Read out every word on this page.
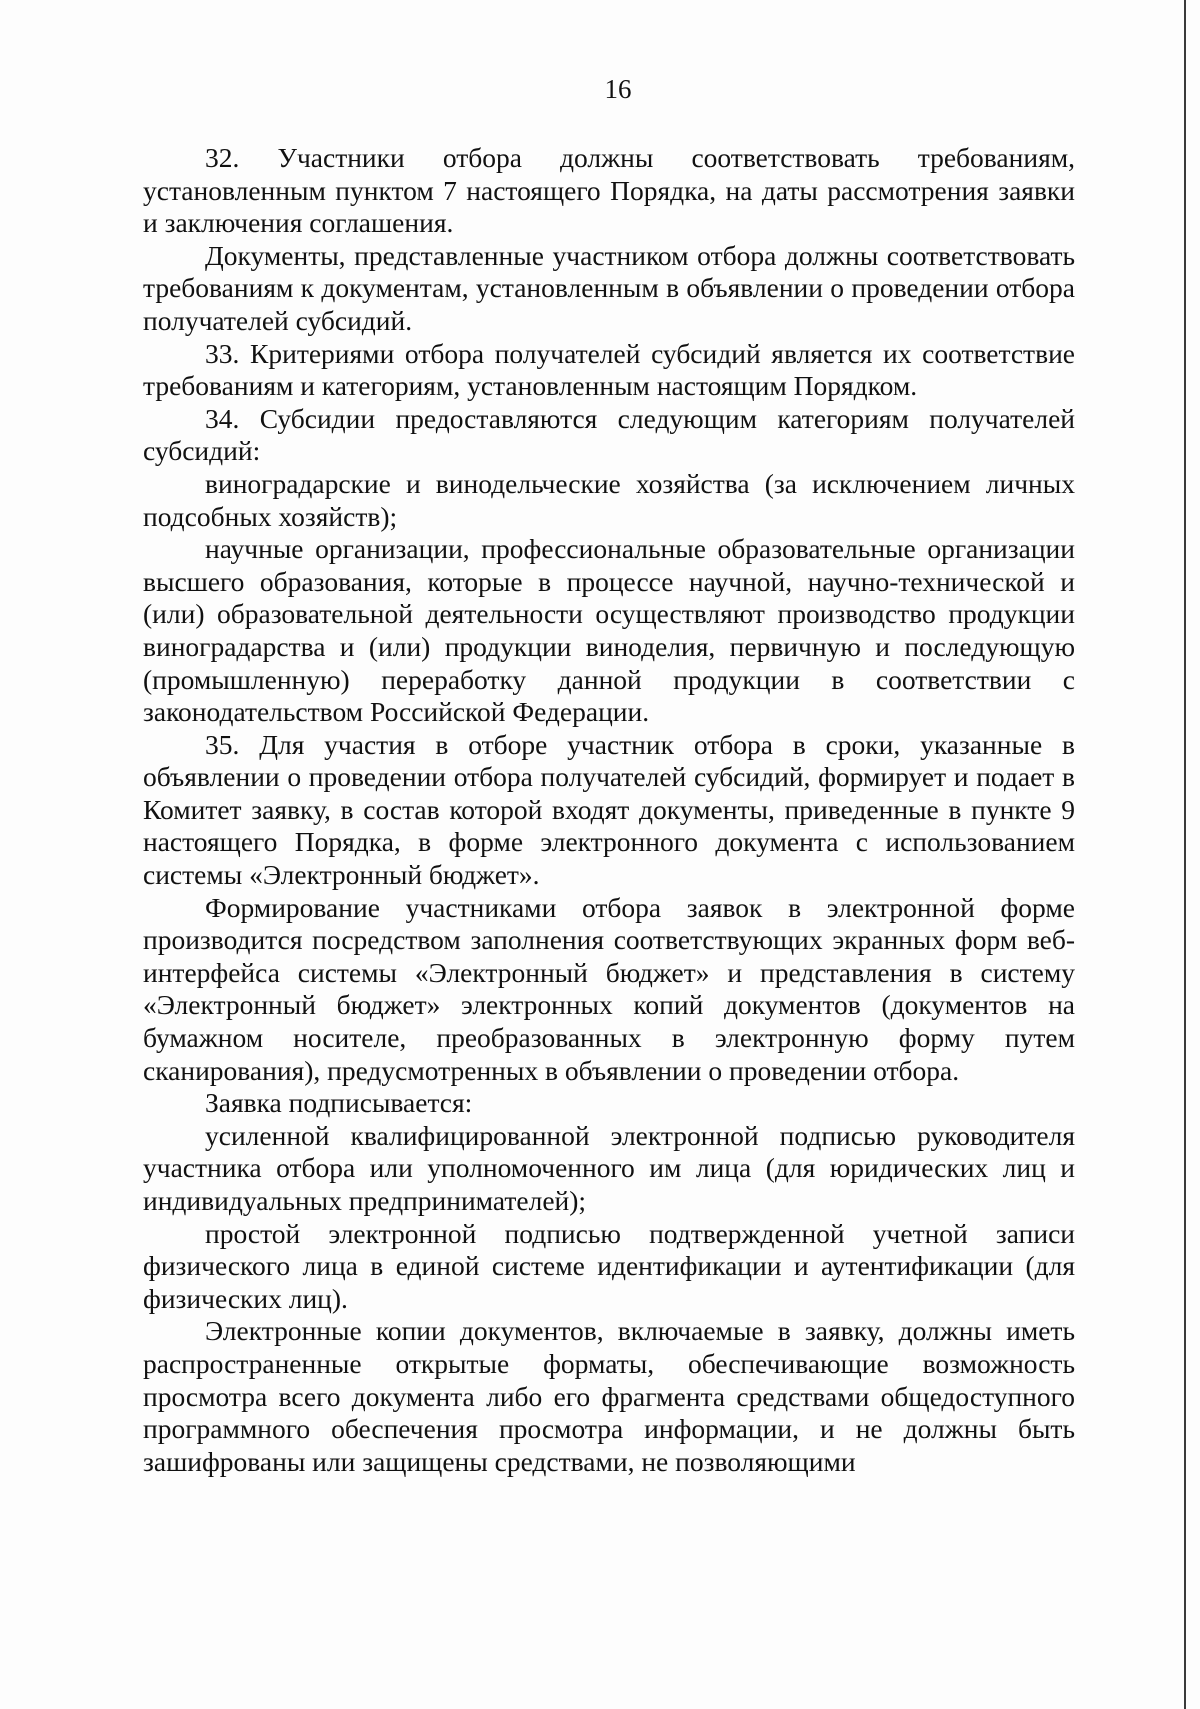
16

32. Участники отбора должны соответствовать требованиям, установленным пунктом 7 настоящего Порядка, на даты рассмотрения заявки и заключения соглашения.

Документы, представленные участником отбора должны соответствовать требованиям к документам, установленным в объявлении о проведении отбора получателей субсидий.

33. Критериями отбора получателей субсидий является их соответствие требованиям и категориям, установленным настоящим Порядком.

34. Субсидии предоставляются следующим категориям получателей субсидий:

виноградарские и винодельческие хозяйства (за исключением личных подсобных хозяйств);

научные организации, профессиональные образовательные организации высшего образования, которые в процессе научной, научно-технической и (или) образовательной деятельности осуществляют производство продукции виноградарства и (или) продукции виноделия, первичную и последующую (промышленную) переработку данной продукции в соответствии с законодательством Российской Федерации.

35. Для участия в отборе участник отбора в сроки, указанные в объявлении о проведении отбора получателей субсидий, формирует и подает в Комитет заявку, в состав которой входят документы, приведенные в пункте 9 настоящего Порядка, в форме электронного документа с использованием системы «Электронный бюджет».

Формирование участниками отбора заявок в электронной форме производится посредством заполнения соответствующих экранных форм веб-интерфейса системы «Электронный бюджет» и представления в систему «Электронный бюджет» электронных копий документов (документов на бумажном носителе, преобразованных в электронную форму путем сканирования), предусмотренных в объявлении о проведении отбора.

Заявка подписывается:

усиленной квалифицированной электронной подписью руководителя участника отбора или уполномоченного им лица (для юридических лиц и индивидуальных предпринимателей);

простой электронной подписью подтвержденной учетной записи физического лица в единой системе идентификации и аутентификации (для физических лиц).

Электронные копии документов, включаемые в заявку, должны иметь распространенные открытые форматы, обеспечивающие возможность просмотра всего документа либо его фрагмента средствами общедоступного программного обеспечения просмотра информации, и не должны быть зашифрованы или защищены средствами, не позволяющими
